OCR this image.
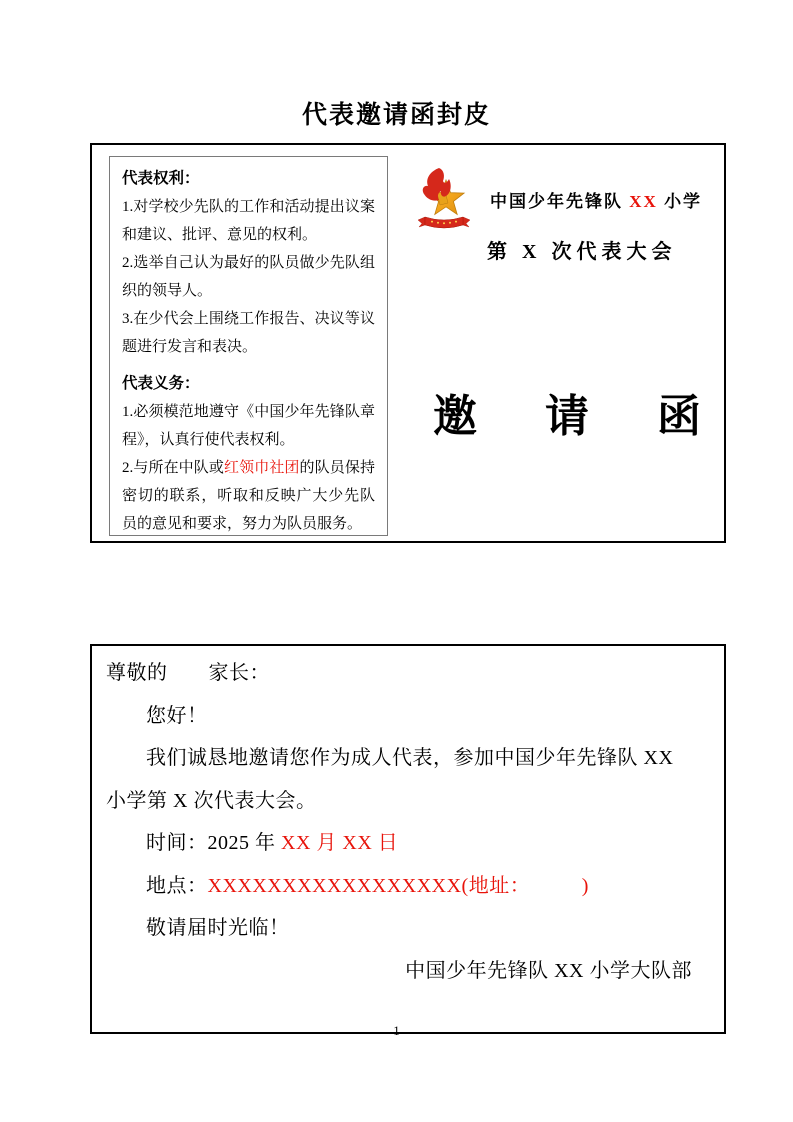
代表邀请函封皮

代表权利：

1.对学校少先队的工作和活动提出议案和建议、批评、意见的权利。

2.选举自己认为最好的队员做少先队组织的领导人。

3.在少代会上围绕工作报告、决议等议题进行发言和表决。

代表义务：

1.必须模范地遵守《中国少年先锋队章程》，认真行使代表权利。

2.与所在中队或红领巾社团的队员保持密切的联系，听取和反映广大少先队员的意见和要求，努力为队员服务。

中国少年先锋队 XX 小学
第 X 次代表大会
邀 请 函

尊敬的　　家长：

您好！

我们诚恳地邀请您作为成人代表，参加中国少年先锋队 XX 小学第 X 次代表大会。

时间：2025 年 XX 月 XX 日

地点：XXXXXXXXXXXXXXXXX(地址：　　　)

敬请届时光临！

中国少年先锋队 XX 小学大队部

1
